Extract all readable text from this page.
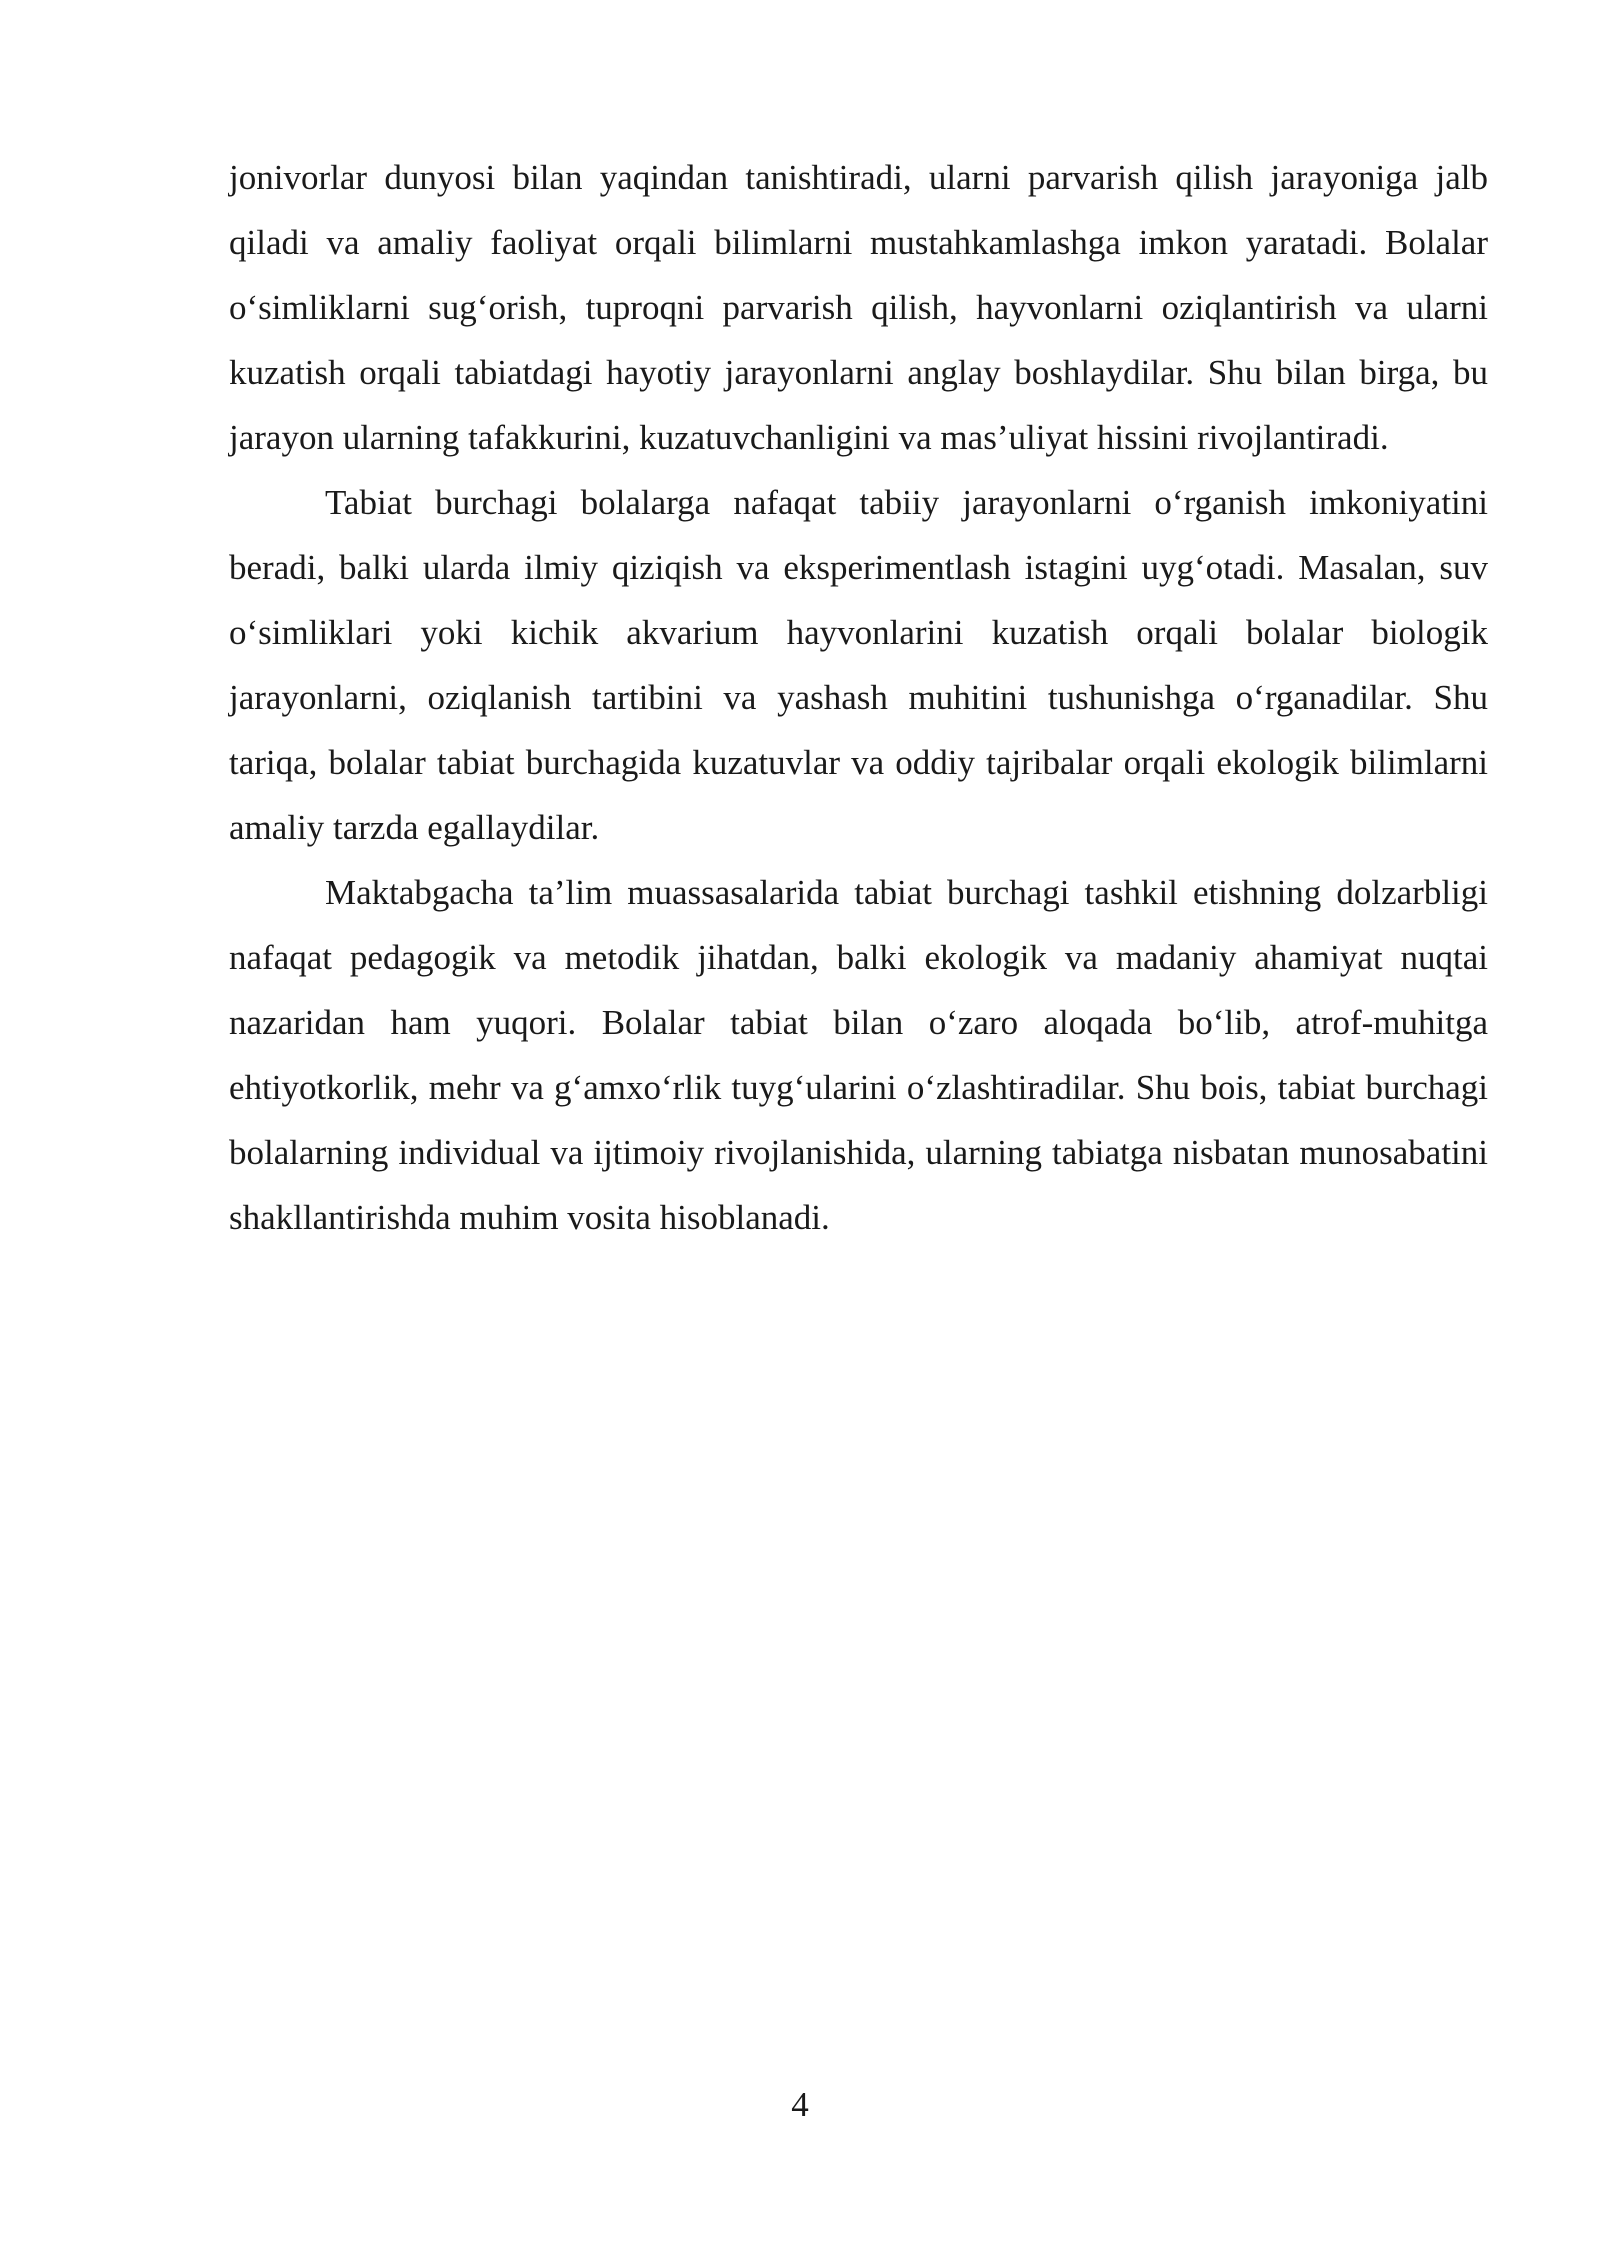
jonivorlar dunyosi bilan yaqindan tanishtiradi, ularni parvarish qilish jarayoniga jalb qiladi va amaliy faoliyat orqali bilimlarni mustahkamlashga imkon yaratadi. Bolalar o‘simliklarni sug‘orish, tuproqni parvarish qilish, hayvonlarni oziqlantirish va ularni kuzatish orqali tabiatdagi hayotiy jarayonlarni anglay boshlaydilar. Shu bilan birga, bu jarayon ularning tafakkurini, kuzatuvchanligini va mas’uliyat hissini rivojlantiradi.

Tabiat burchagi bolalarga nafaqat tabiiy jarayonlarni o‘rganish imkoniyatini beradi, balki ularda ilmiy qiziqish va eksperimentlash istagini uyg‘otadi. Masalan, suv o‘simliklari yoki kichik akvarium hayvonlarini kuzatish orqali bolalar biologik jarayonlarni, oziqlanish tartibini va yashash muhitini tushunishga o‘rganadilar. Shu tariqa, bolalar tabiat burchagida kuzatuvlar va oddiy tajribalar orqali ekologik bilimlarni amaliy tarzda egallaydilar.

Maktabgacha ta’lim muassasalarida tabiat burchagi tashkil etishning dolzarbligi nafaqat pedagogik va metodik jihatdan, balki ekologik va madaniy ahamiyat nuqtai nazaridan ham yuqori. Bolalar tabiat bilan o‘zaro aloqada bo‘lib, atrof-muhitga ehtiyotkorlik, mehr va g‘amxo‘rlik tuyg‘ularini o‘zlashtiradilar. Shu bois, tabiat burchagi bolalarning individual va ijtimoiy rivojlanishida, ularning tabiatga nisbatan munosabatini shakllantirishda muhim vosita hisoblanadi.

4
